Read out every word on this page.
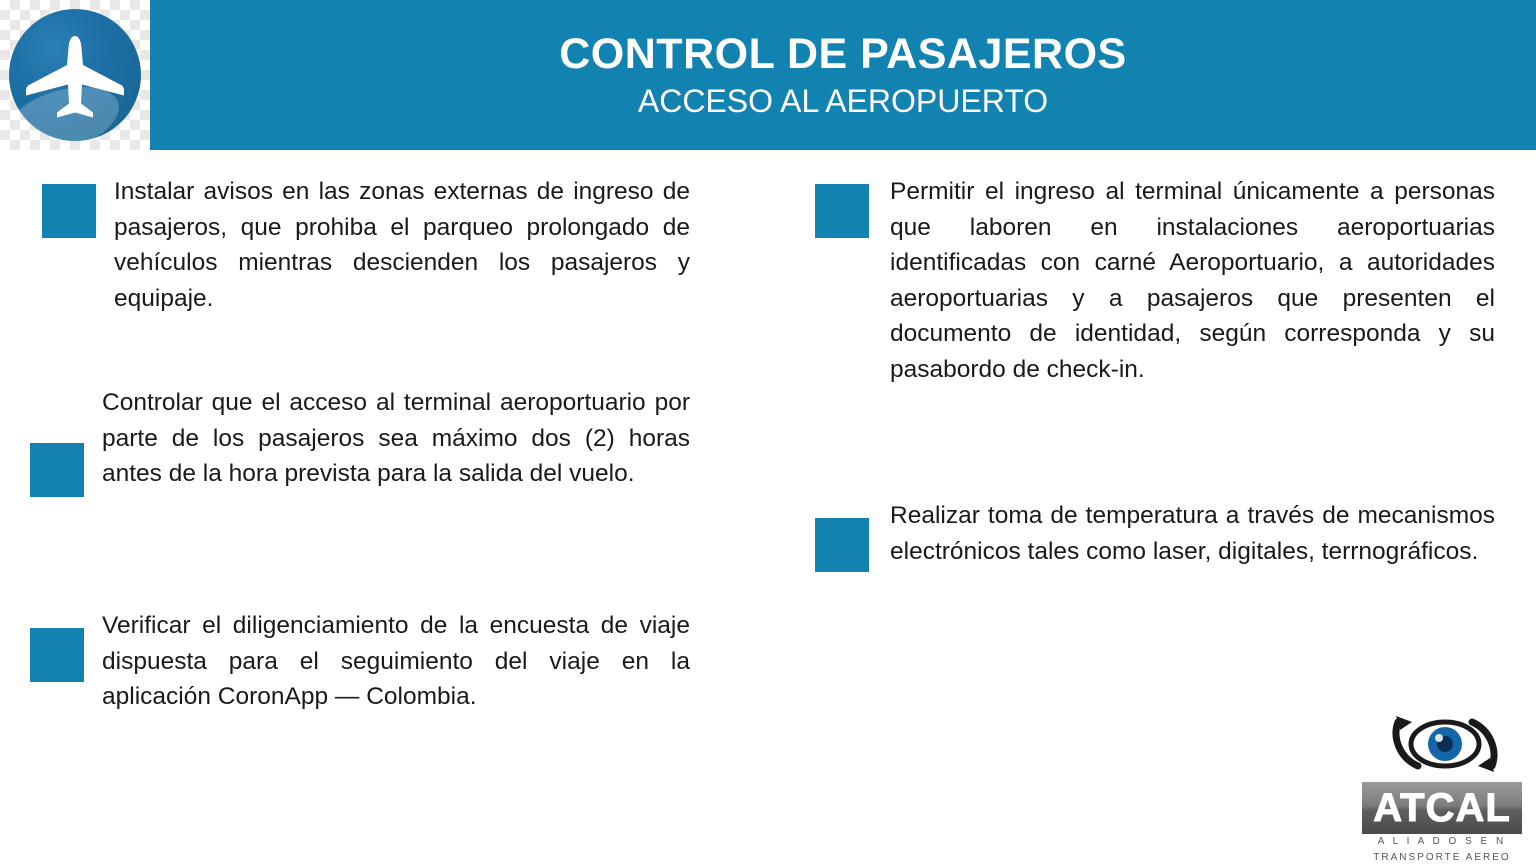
CONTROL DE PASAJEROS
ACCESO AL AEROPUERTO
Instalar avisos en las zonas externas de ingreso de pasajeros, que prohiba el parqueo prolongado de vehículos mientras descienden los pasajeros y equipaje.
Controlar que el acceso al terminal aeroportuario por parte de los pasajeros sea máximo dos (2) horas antes de la hora prevista para la salida del vuelo.
Verificar el diligenciamiento de la encuesta de viaje dispuesta para el seguimiento del viaje en la aplicación CoronApp — Colombia.
Permitir el ingreso al terminal únicamente a personas que laboren en instalaciones aeroportuarias identificadas con carné Aeroportuario, a autoridades aeroportuarias y a pasajeros que presenten el documento de identidad, según corresponda y su pasabordo de check-in.
Realizar toma de temperatura a través de mecanismos electrónicos tales como laser, digitales, terrnográficos.
ATCAL
A L I A D O S E N
TRANSPORTE AEREO
